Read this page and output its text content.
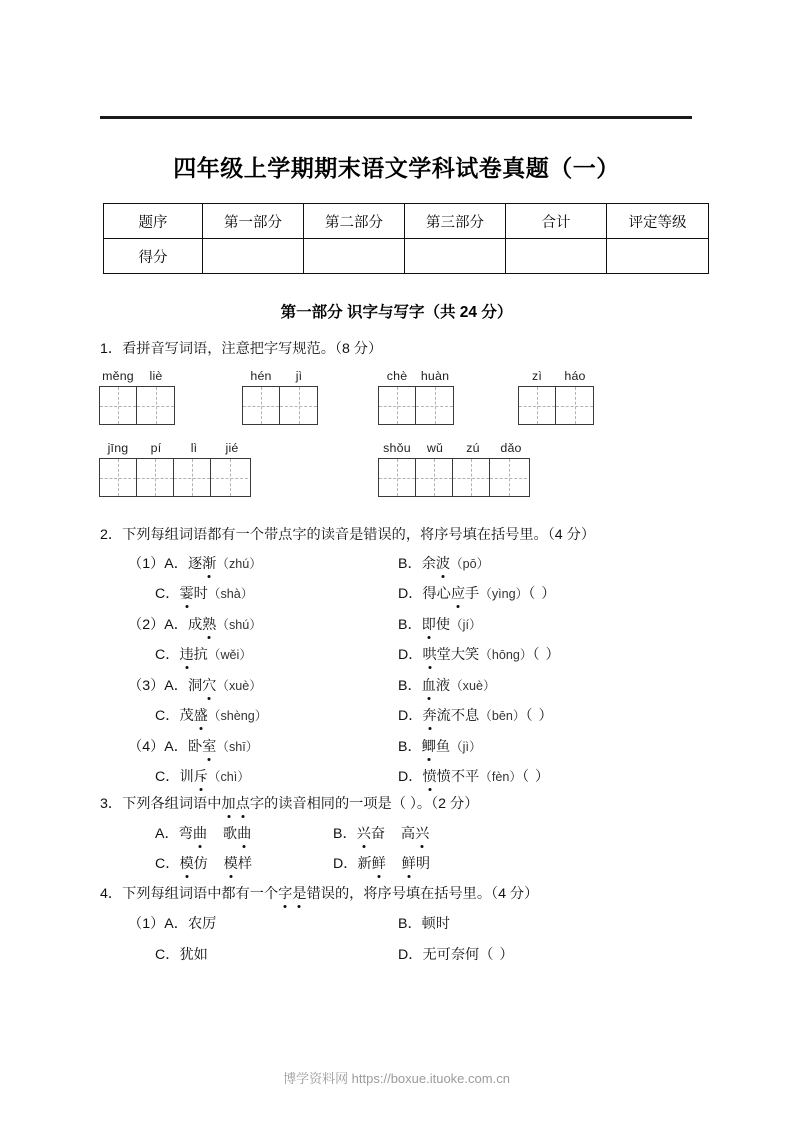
四年级上学期期末语文学科试卷真题（一）
题序	第一部分	第二部分	第三部分	合计	评定等级
得分					
第一部分 识字与写字（共 24 分）
1．看拼音写词语，注意把字写规范。（8 分）
měng	liè	hén	jì	chè	huàn	zì	háo
jīng	pí	lì	jié	shǒu	wǔ	zú	dǎo
2．下列每组词语都有一个带点字的读音是错误的，将序号填在括号里。（4 分）
（1）A．逐渐（zhú）	B．余波（pō）
C．霎时（shà）	D．得心应手（yìng）（ ）
（2）A．成熟（shú）	B．即使（jí）
C．违抗（wěi）	D．哄堂大笑（hōng）（ ）
（3）A．洞穴（xuè）	B．血液（xuè）
C．茂盛（shèng）	D．奔流不息（bēn）（ ）
（4）A．卧室（shī）	B．鲫鱼（jì）
C．训斥（chì）	D．愤愤不平（fèn）（ ）
3．下列各组词语中加点字的读音相同的一项是（ ）。（2 分）
A．弯曲 歌曲	B．兴奋 高兴
C．模仿 模样	D．新鲜 鲜明
4．下列每组词语中都有一个字是错误的，将序号填在括号里。（4 分）
（1）A．农厉	B．顿时
C．犹如	D．无可奈何（ ）
博学资料网 https://boxue.ituoke.com.cn
